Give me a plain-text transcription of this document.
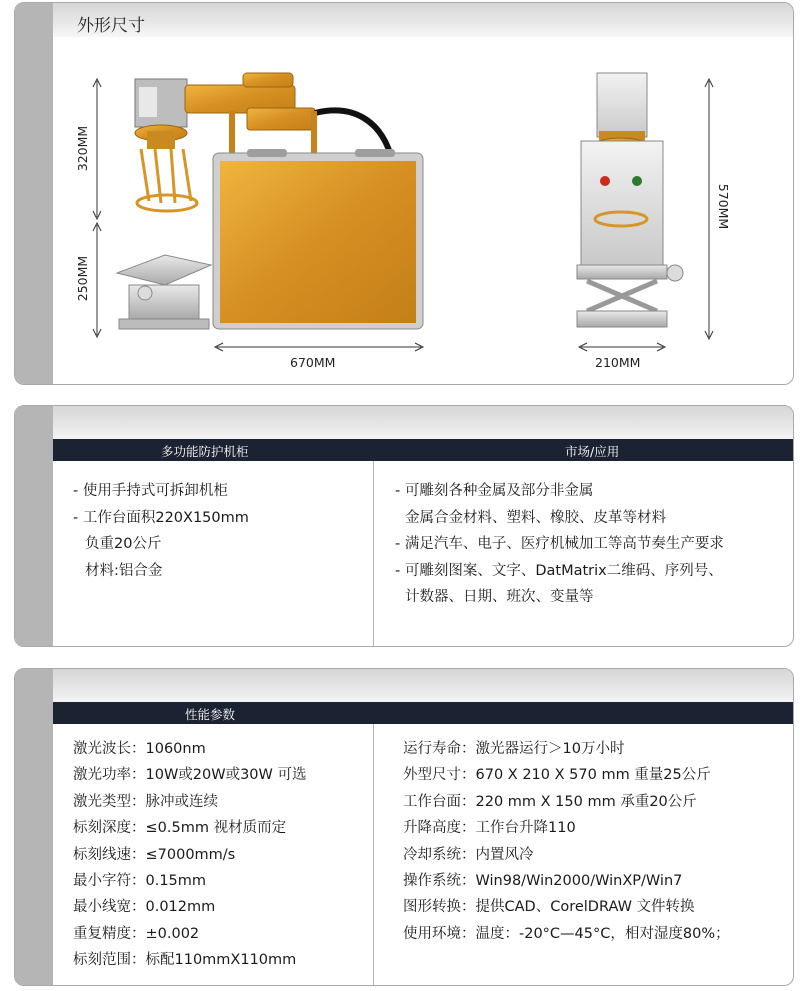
外形尺寸
320MM
250MM
670MM	210MM
570MM
多功能防护机柜	市场/应用
- 使用手持式可拆卸机柜
- 工作台面积220X150mm
负重20公斤
材料:铝合金
- 可雕刻各种金属及部分非金属
金属合金材料、塑料、橡胶、皮革等材料
- 满足汽车、电子、医疗机械加工等高节奏生产要求
- 可雕刻图案、文字、DatMatrix二维码、序列号、
计数器、日期、班次、变量等
性能参数
激光波长：1060nm
激光功率：10W或20W或30W 可选
激光类型：脉冲或连续
标刻深度：≤0.5mm 视材质而定
标刻线速：≤7000mm/s
最小字符：0.15mm
最小线宽：0.012mm
重复精度：±0.002
标刻范围：标配110mmX110mm
运行寿命：激光器运行＞10万小时
外型尺寸：670 X 210 X 570 mm 重量25公斤
工作台面：220 mm X 150 mm 承重20公斤
升降高度：工作台升降110
冷却系统：内置风冷
操作系统：Win98/Win2000/WinXP/Win7
图形转换：提供CAD、CorelDRAW 文件转换
使用环境：温度：-20°C—45°C，相对湿度80%；
